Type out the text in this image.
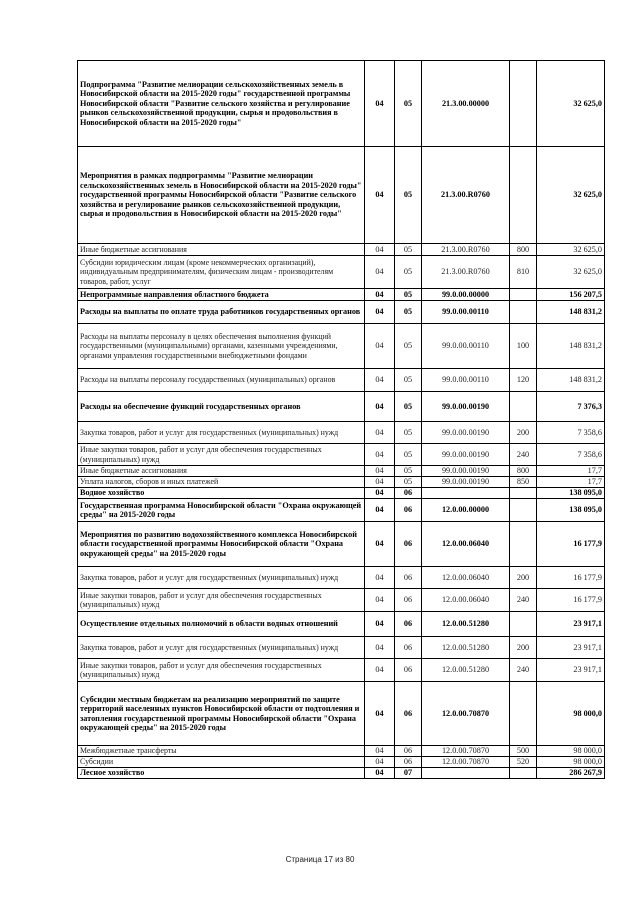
Подпрограмма "Развитие мелиорации сельскохозяйственных земель в Новосибирской области на 2015-2020 годы" государственной программы Новосибирской области "Развитие сельского хозяйства и регулирование рынков сельскохозяйственной продукции, сырья и продовольствия в Новосибирской области на 2015-2020 годы"	04	05	21.3.00.00000		32 625,0
Мероприятия в рамках подпрограммы "Развитие мелиорации сельскохозяйственных земель в Новосибирской области на 2015-2020 годы" государственной программы Новосибирской области "Развитие сельского хозяйства и регулирование рынков сельскохозяйственной продукции, сырья и продовольствия в Новосибирской области на 2015-2020 годы"	04	05	21.3.00.R0760		32 625,0
Иные бюджетные ассигнования	04	05	21.3.00.R0760	800	32 625,0
Субсидии юридическим лицам (кроме некоммерческих организаций), индивидуальным предпринимателям, физическим лицам - производителям товаров, работ, услуг	04	05	21.3.00.R0760	810	32 625,0
Непрограммные направления областного бюджета	04	05	99.0.00.00000		156 207,5
Расходы на выплаты по оплате труда работников государственных органов	04	05	99.0.00.00110		148 831,2
Расходы на выплаты персоналу в целях обеспечения выполнения функций государственными (муниципальными) органами, казенными учреждениями, органами управления государственными внебюджетными фондами	04	05	99.0.00.00110	100	148 831,2
Расходы на выплаты персоналу государственных (муниципальных) органов	04	05	99.0.00.00110	120	148 831,2
Расходы на обеспечение функций государственных органов	04	05	99.0.00.00190		7 376,3
Закупка товаров, работ и услуг для государственных (муниципальных) нужд	04	05	99.0.00.00190	200	7 358,6
Иные закупки товаров, работ и услуг для обеспечения государственных (муниципальных) нужд	04	05	99.0.00.00190	240	7 358,6
Иные бюджетные ассигнования	04	05	99.0.00.00190	800	17,7
Уплата налогов, сборов и иных платежей	04	05	99.0.00.00190	850	17,7
Водное хозяйство	04	06			138 095,0
Государственная программа Новосибирской области "Охрана окружающей среды" на 2015-2020 годы	04	06	12.0.00.00000		138 095,0
Мероприятия по развитию водохозяйственного комплекса Новосибирской области государственной программы Новосибирской области "Охрана окружающей среды" на 2015-2020 годы	04	06	12.0.00.06040		16 177,9
Закупка товаров, работ и услуг для государственных (муниципальных) нужд	04	06	12.0.00.06040	200	16 177,9
Иные закупки товаров, работ и услуг для обеспечения государственных (муниципальных) нужд	04	06	12.0.00.06040	240	16 177,9
Осуществление отдельных полномочий в области водных отношений	04	06	12.0.00.51280		23 917,1
Закупка товаров, работ и услуг для государственных (муниципальных) нужд	04	06	12.0.00.51280	200	23 917,1
Иные закупки товаров, работ и услуг для обеспечения государственных (муниципальных) нужд	04	06	12.0.00.51280	240	23 917,1
Субсидии местным бюджетам на реализацию мероприятий по защите территорий населенных пунктов Новосибирской области от подтопления и затопления государственной программы Новосибирской области "Охрана окружающей среды" на 2015-2020 годы	04	06	12.0.00.70870		98 000,0
Межбюджетные трансферты	04	06	12.0.00.70870	500	98 000,0
Субсидии	04	06	12.0.00.70870	520	98 000,0
Лесное хозяйство	04	07			286 267,9
Страница 17 из 80
